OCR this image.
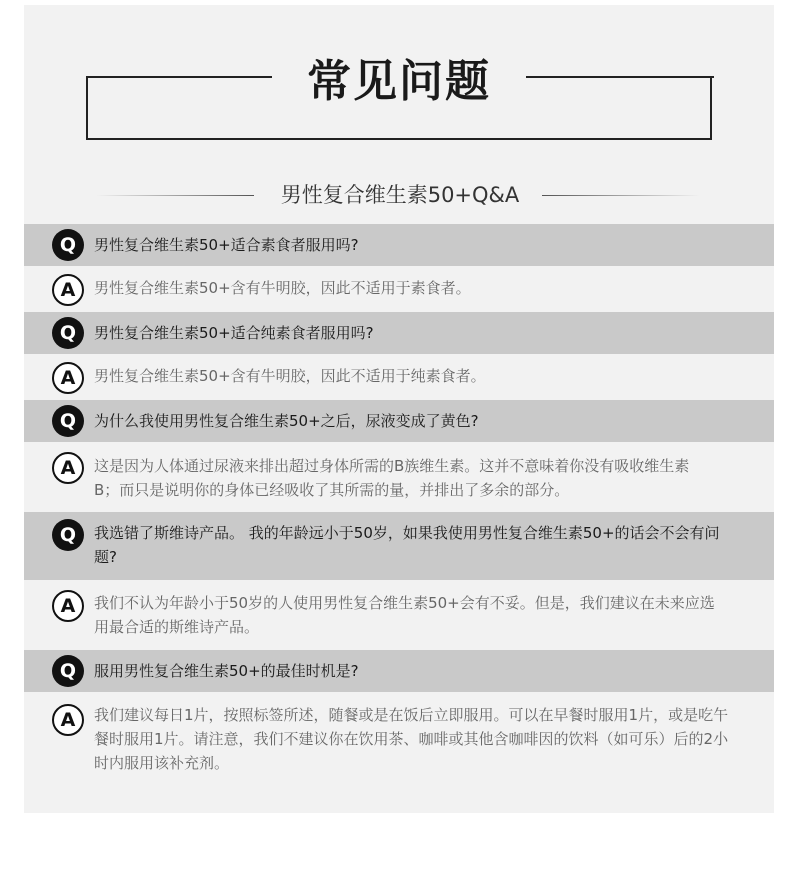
常见问题
男性复合维生素50+Q&A
Q	男性复合维生素50+适合素食者服用吗?
A	男性复合维生素50+含有牛明胶，因此不适用于素食者。
Q	男性复合维生素50+适合纯素食者服用吗?
A	男性复合维生素50+含有牛明胶，因此不适用于纯素食者。
Q	为什么我使用男性复合维生素50+之后，尿液变成了黄色?
A	这是因为人体通过尿液来排出超过身体所需的B族维生素。这并不意味着你没有吸收维生素B；而只是说明你的身体已经吸收了其所需的量，并排出了多余的部分。
Q	我选错了斯维诗产品。 我的年龄远小于50岁，如果我使用男性复合维生素50+的话会不会有问题?
A	我们不认为年龄小于50岁的人使用男性复合维生素50+会有不妥。但是，我们建议在未来应选用最合适的斯维诗产品。
Q	服用男性复合维生素50+的最佳时机是?
A	我们建议每日1片，按照标签所述，随餐或是在饭后立即服用。可以在早餐时服用1片，或是吃午餐时服用1片。请注意，我们不建议你在饮用茶、咖啡或其他含咖啡因的饮料（如可乐）后的2小时内服用该补充剂。
